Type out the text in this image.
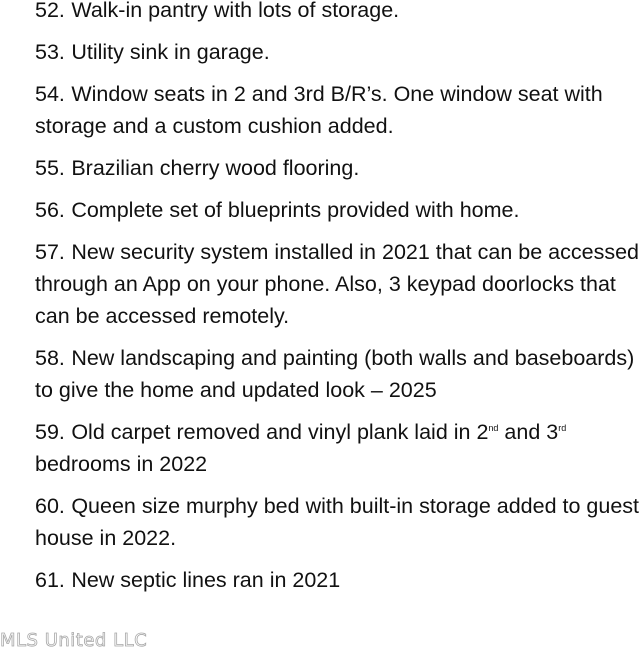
52. Walk-in pantry with lots of storage.
53. Utility sink in garage.
54. Window seats in 2 and 3rd B/R’s. One window seat with storage and a custom cushion added.
55. Brazilian cherry wood flooring.
56. Complete set of blueprints provided with home.
57. New security system installed in 2021 that can be accessed through an App on your phone. Also, 3 keypad doorlocks that can be accessed remotely.
58. New landscaping and painting (both walls and baseboards) to give the home and updated look – 2025
59. Old carpet removed and vinyl plank laid in 2nd and 3rd bedrooms in 2022
60. Queen size murphy bed with built-in storage added to guest house in 2022.
61. New septic lines ran in 2021
MLS United LLC
